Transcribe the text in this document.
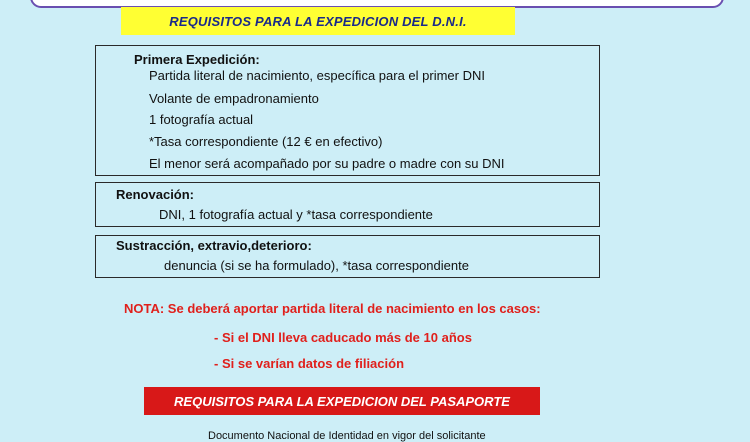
REQUISITOS PARA LA EXPEDICION DEL D.N.I.
Primera Expedición:
Partida literal de nacimiento, específica para el primer DNI
Volante de empadronamiento
1 fotografía actual
*Tasa correspondiente (12 € en efectivo)
El menor será acompañado por su padre o madre con su DNI
Renovación:
DNI, 1 fotografía actual y *tasa correspondiente
Sustracción, extravio,deterioro:
denuncia (si se ha formulado), *tasa correspondiente
NOTA: Se deberá aportar partida literal de nacimiento en los casos:
- Si el DNI lleva caducado más de 10 años
- Si se varían datos de filiación
REQUISITOS PARA LA EXPEDICION DEL PASAPORTE
Documento Nacional de Identidad en vigor del solicitante
